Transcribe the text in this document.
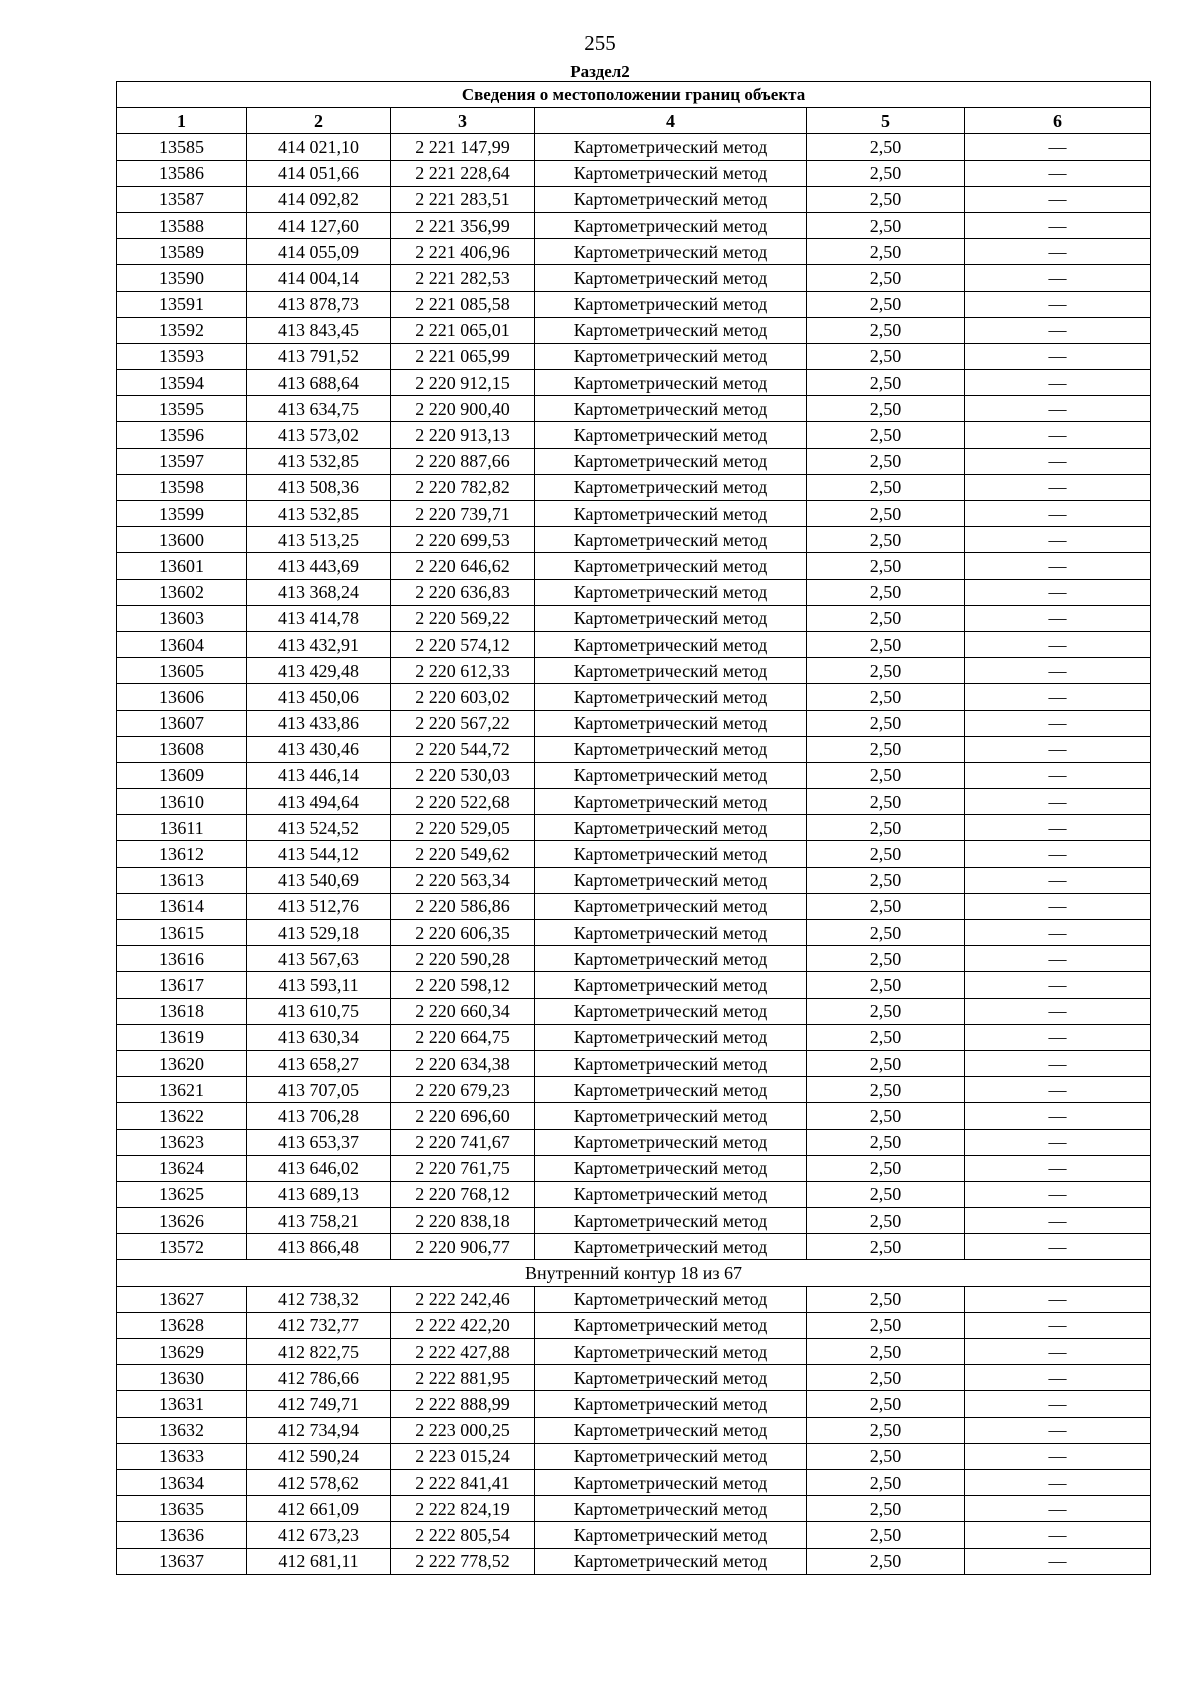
255
Раздел2
Сведения о местоположении границ объекта					
1	2	3	4	5	6
13585	414 021,10	2 221 147,99	Картометрический метод	2,50	—
13586	414 051,66	2 221 228,64	Картометрический метод	2,50	—
13587	414 092,82	2 221 283,51	Картометрический метод	2,50	—
13588	414 127,60	2 221 356,99	Картометрический метод	2,50	—
13589	414 055,09	2 221 406,96	Картометрический метод	2,50	—
13590	414 004,14	2 221 282,53	Картометрический метод	2,50	—
13591	413 878,73	2 221 085,58	Картометрический метод	2,50	—
13592	413 843,45	2 221 065,01	Картометрический метод	2,50	—
13593	413 791,52	2 221 065,99	Картометрический метод	2,50	—
13594	413 688,64	2 220 912,15	Картометрический метод	2,50	—
13595	413 634,75	2 220 900,40	Картометрический метод	2,50	—
13596	413 573,02	2 220 913,13	Картометрический метод	2,50	—
13597	413 532,85	2 220 887,66	Картометрический метод	2,50	—
13598	413 508,36	2 220 782,82	Картометрический метод	2,50	—
13599	413 532,85	2 220 739,71	Картометрический метод	2,50	—
13600	413 513,25	2 220 699,53	Картометрический метод	2,50	—
13601	413 443,69	2 220 646,62	Картометрический метод	2,50	—
13602	413 368,24	2 220 636,83	Картометрический метод	2,50	—
13603	413 414,78	2 220 569,22	Картометрический метод	2,50	—
13604	413 432,91	2 220 574,12	Картометрический метод	2,50	—
13605	413 429,48	2 220 612,33	Картометрический метод	2,50	—
13606	413 450,06	2 220 603,02	Картометрический метод	2,50	—
13607	413 433,86	2 220 567,22	Картометрический метод	2,50	—
13608	413 430,46	2 220 544,72	Картометрический метод	2,50	—
13609	413 446,14	2 220 530,03	Картометрический метод	2,50	—
13610	413 494,64	2 220 522,68	Картометрический метод	2,50	—
13611	413 524,52	2 220 529,05	Картометрический метод	2,50	—
13612	413 544,12	2 220 549,62	Картометрический метод	2,50	—
13613	413 540,69	2 220 563,34	Картометрический метод	2,50	—
13614	413 512,76	2 220 586,86	Картометрический метод	2,50	—
13615	413 529,18	2 220 606,35	Картометрический метод	2,50	—
13616	413 567,63	2 220 590,28	Картометрический метод	2,50	—
13617	413 593,11	2 220 598,12	Картометрический метод	2,50	—
13618	413 610,75	2 220 660,34	Картометрический метод	2,50	—
13619	413 630,34	2 220 664,75	Картометрический метод	2,50	—
13620	413 658,27	2 220 634,38	Картометрический метод	2,50	—
13621	413 707,05	2 220 679,23	Картометрический метод	2,50	—
13622	413 706,28	2 220 696,60	Картометрический метод	2,50	—
13623	413 653,37	2 220 741,67	Картометрический метод	2,50	—
13624	413 646,02	2 220 761,75	Картометрический метод	2,50	—
13625	413 689,13	2 220 768,12	Картометрический метод	2,50	—
13626	413 758,21	2 220 838,18	Картометрический метод	2,50	—
13572	413 866,48	2 220 906,77	Картометрический метод	2,50	—
Внутренний контур 18 из 67					
13627	412 738,32	2 222 242,46	Картометрический метод	2,50	—
13628	412 732,77	2 222 422,20	Картометрический метод	2,50	—
13629	412 822,75	2 222 427,88	Картометрический метод	2,50	—
13630	412 786,66	2 222 881,95	Картометрический метод	2,50	—
13631	412 749,71	2 222 888,99	Картометрический метод	2,50	—
13632	412 734,94	2 223 000,25	Картометрический метод	2,50	—
13633	412 590,24	2 223 015,24	Картометрический метод	2,50	—
13634	412 578,62	2 222 841,41	Картометрический метод	2,50	—
13635	412 661,09	2 222 824,19	Картометрический метод	2,50	—
13636	412 673,23	2 222 805,54	Картометрический метод	2,50	—
13637	412 681,11	2 222 778,52	Картометрический метод	2,50	—
